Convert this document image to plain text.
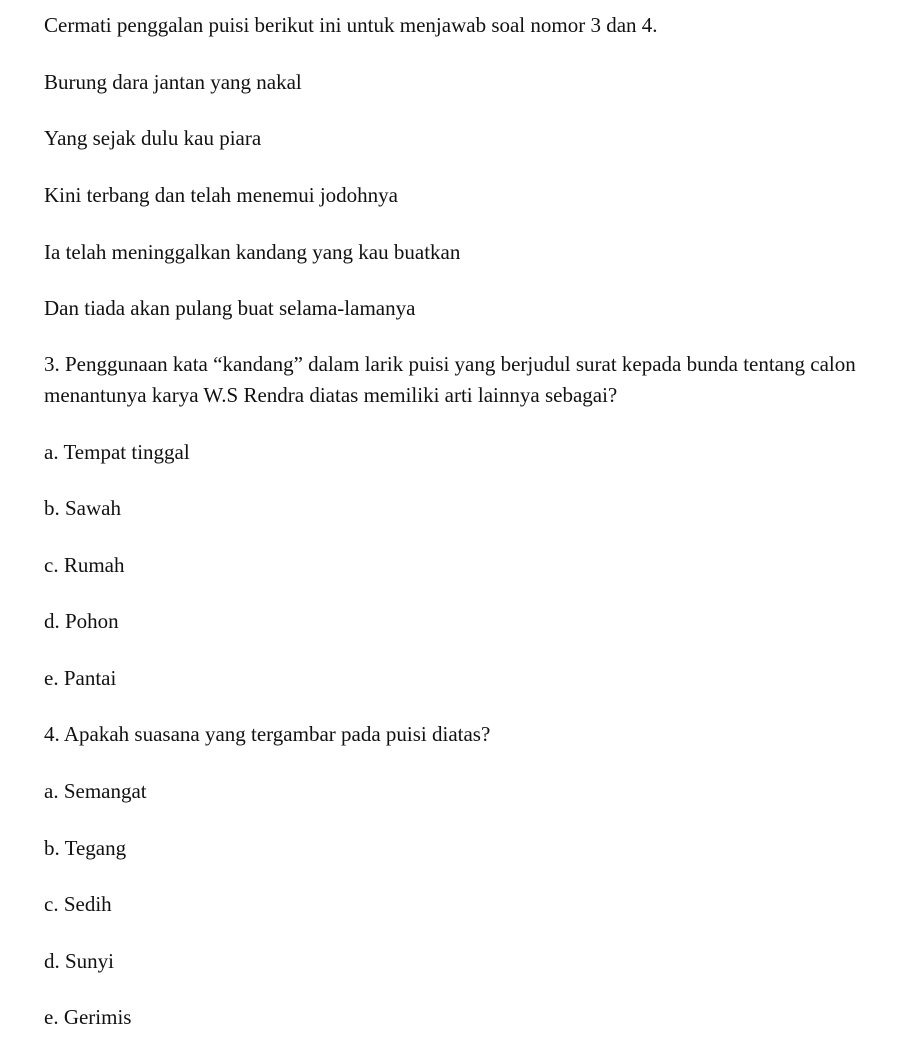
Cermati penggalan puisi berikut ini untuk menjawab soal nomor 3 dan 4.

Burung dara jantan yang nakal

Yang sejak dulu kau piara

Kini terbang dan telah menemui jodohnya

Ia telah meninggalkan kandang yang kau buatkan

Dan tiada akan pulang buat selama-lamanya

3. Penggunaan kata “kandang” dalam larik puisi yang berjudul surat kepada bunda tentang calon

menantunya karya W.S Rendra diatas memiliki arti lainnya sebagai?

a. Tempat tinggal

b. Sawah

c. Rumah

d. Pohon

e. Pantai

4. Apakah suasana yang tergambar pada puisi diatas?

a. Semangat

b. Tegang

c. Sedih

d. Sunyi

e. Gerimis
